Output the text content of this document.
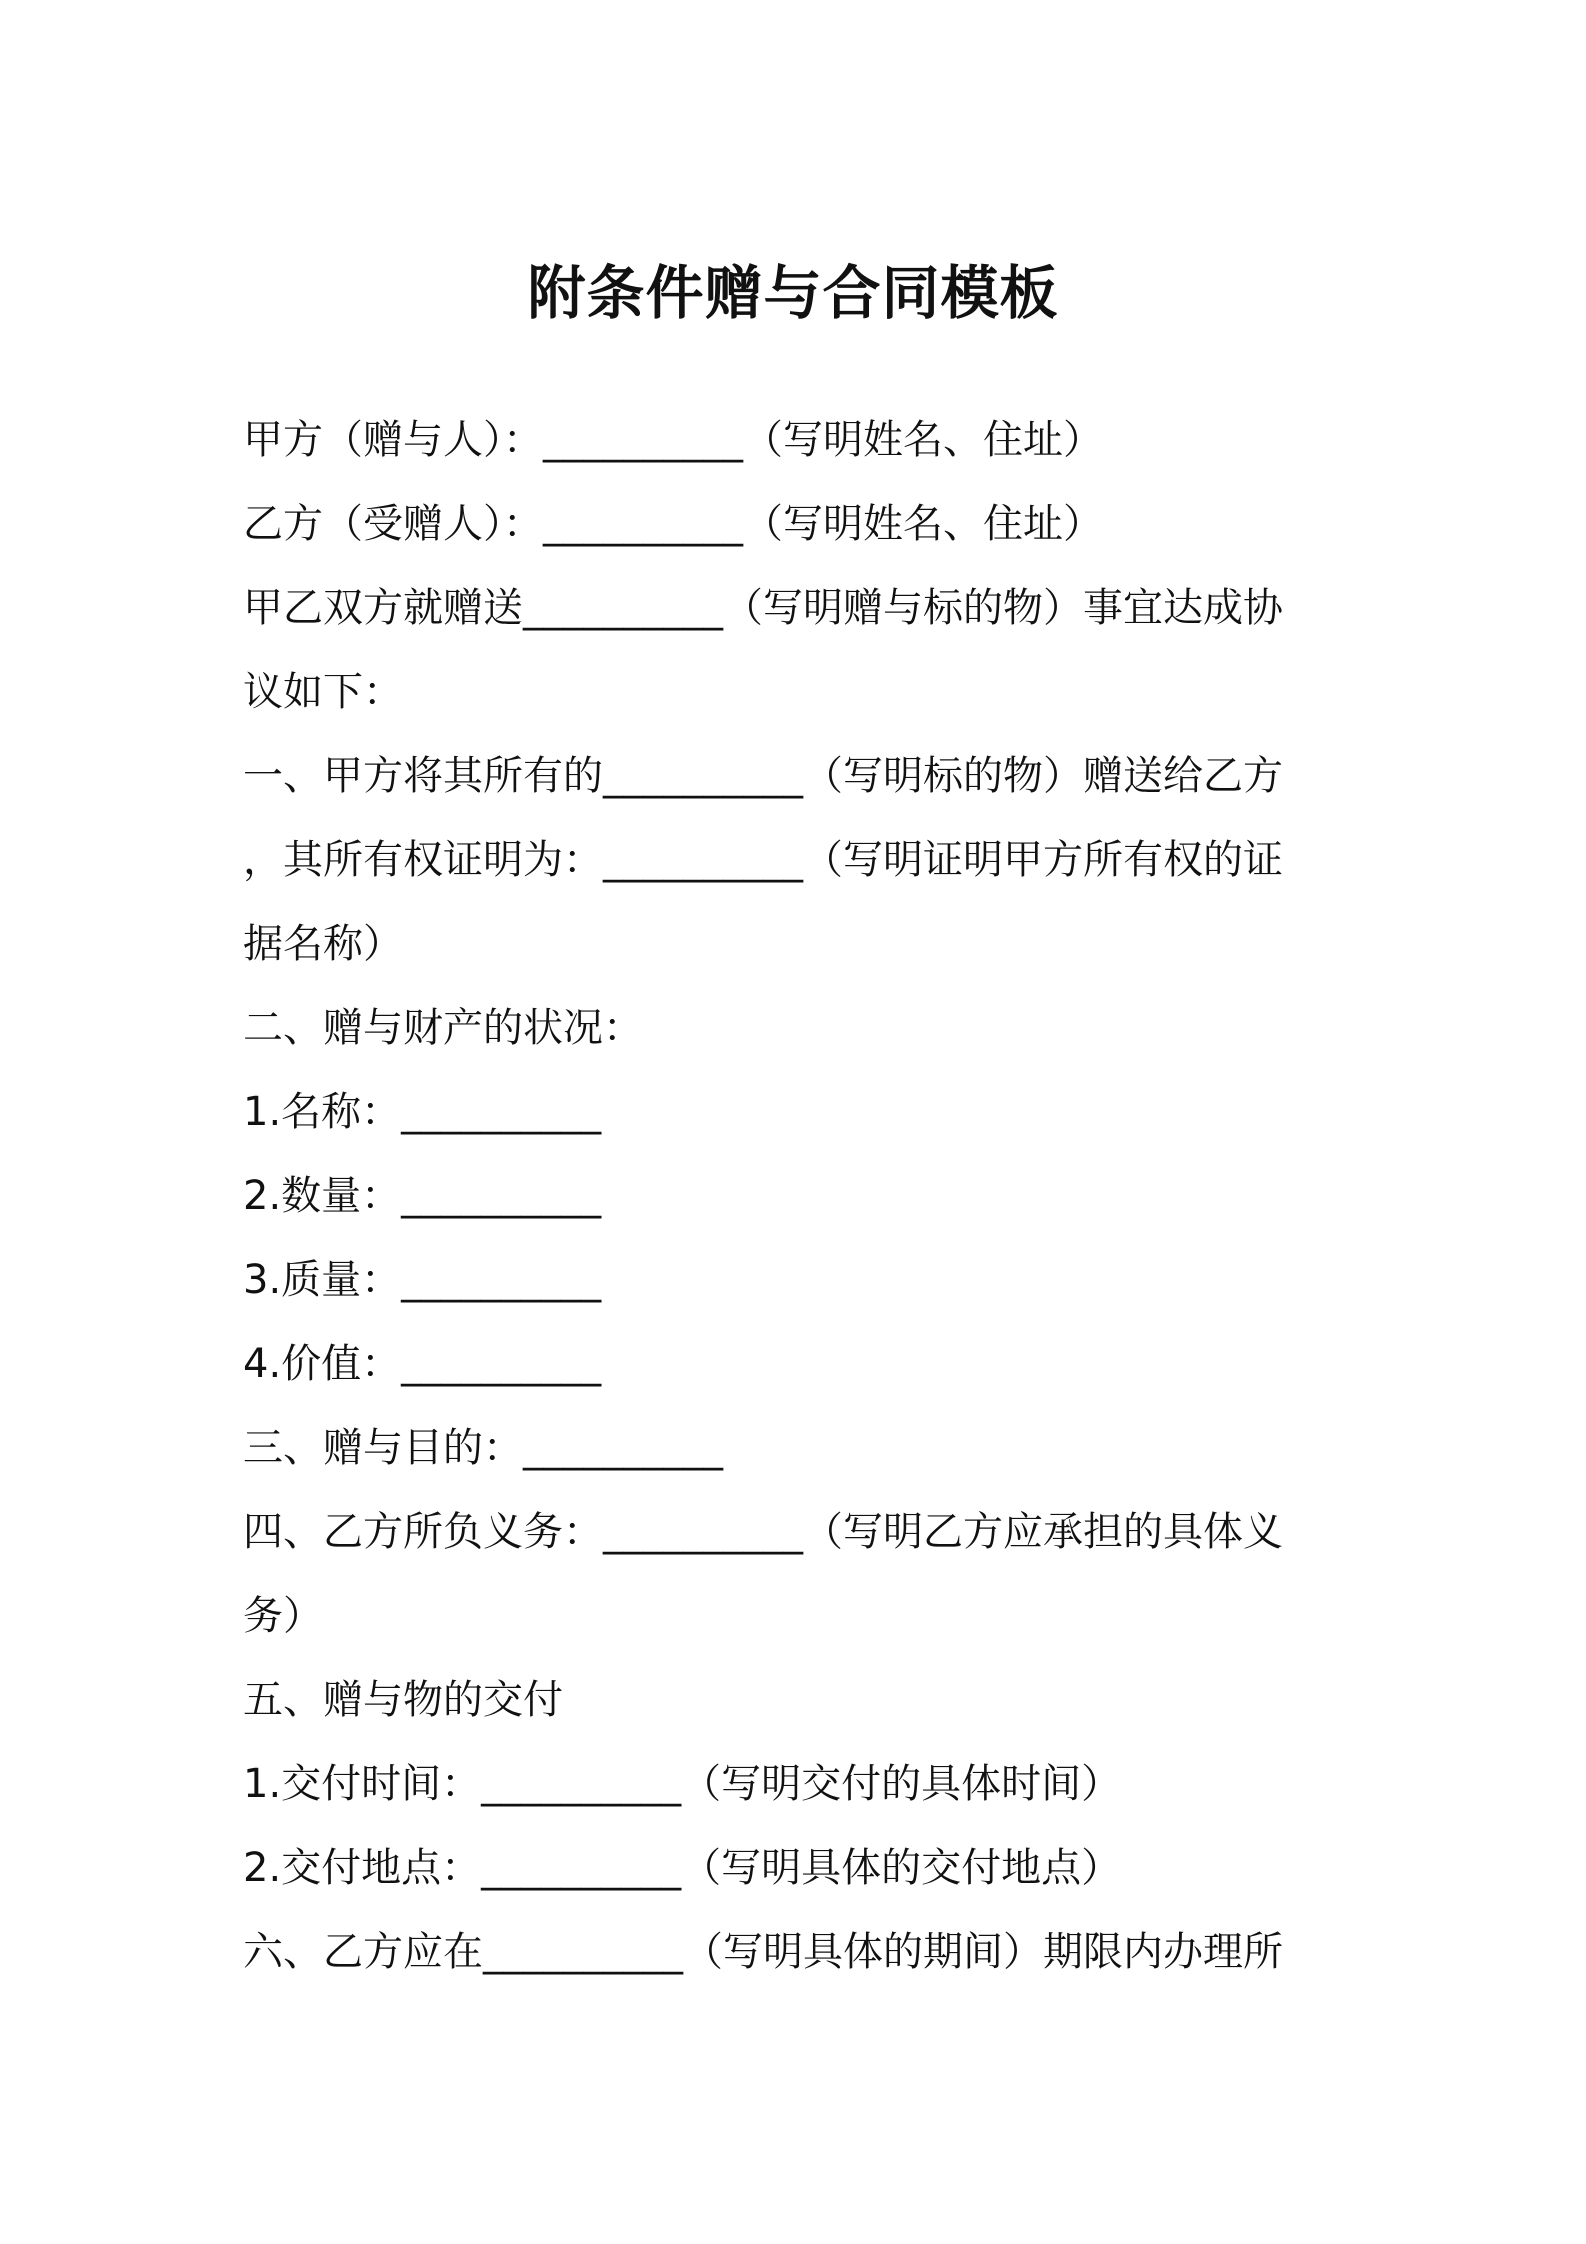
附条件赠与合同模板
甲方（赠与人）：__________（写明姓名、住址）
乙方（受赠人）：__________（写明姓名、住址）
甲乙双方就赠送__________（写明赠与标的物）事宜达成协
议如下：
一、甲方将其所有的__________（写明标的物）赠送给乙方
，其所有权证明为：__________（写明证明甲方所有权的证
据名称）
二、赠与财产的状况：
1.名称：__________
2.数量：__________
3.质量：__________
4.价值：__________
三、赠与目的：__________
四、乙方所负义务：__________（写明乙方应承担的具体义
务）
五、赠与物的交付
1.交付时间：__________（写明交付的具体时间）
2.交付地点：__________（写明具体的交付地点）
六、乙方应在__________（写明具体的期间）期限内办理所
